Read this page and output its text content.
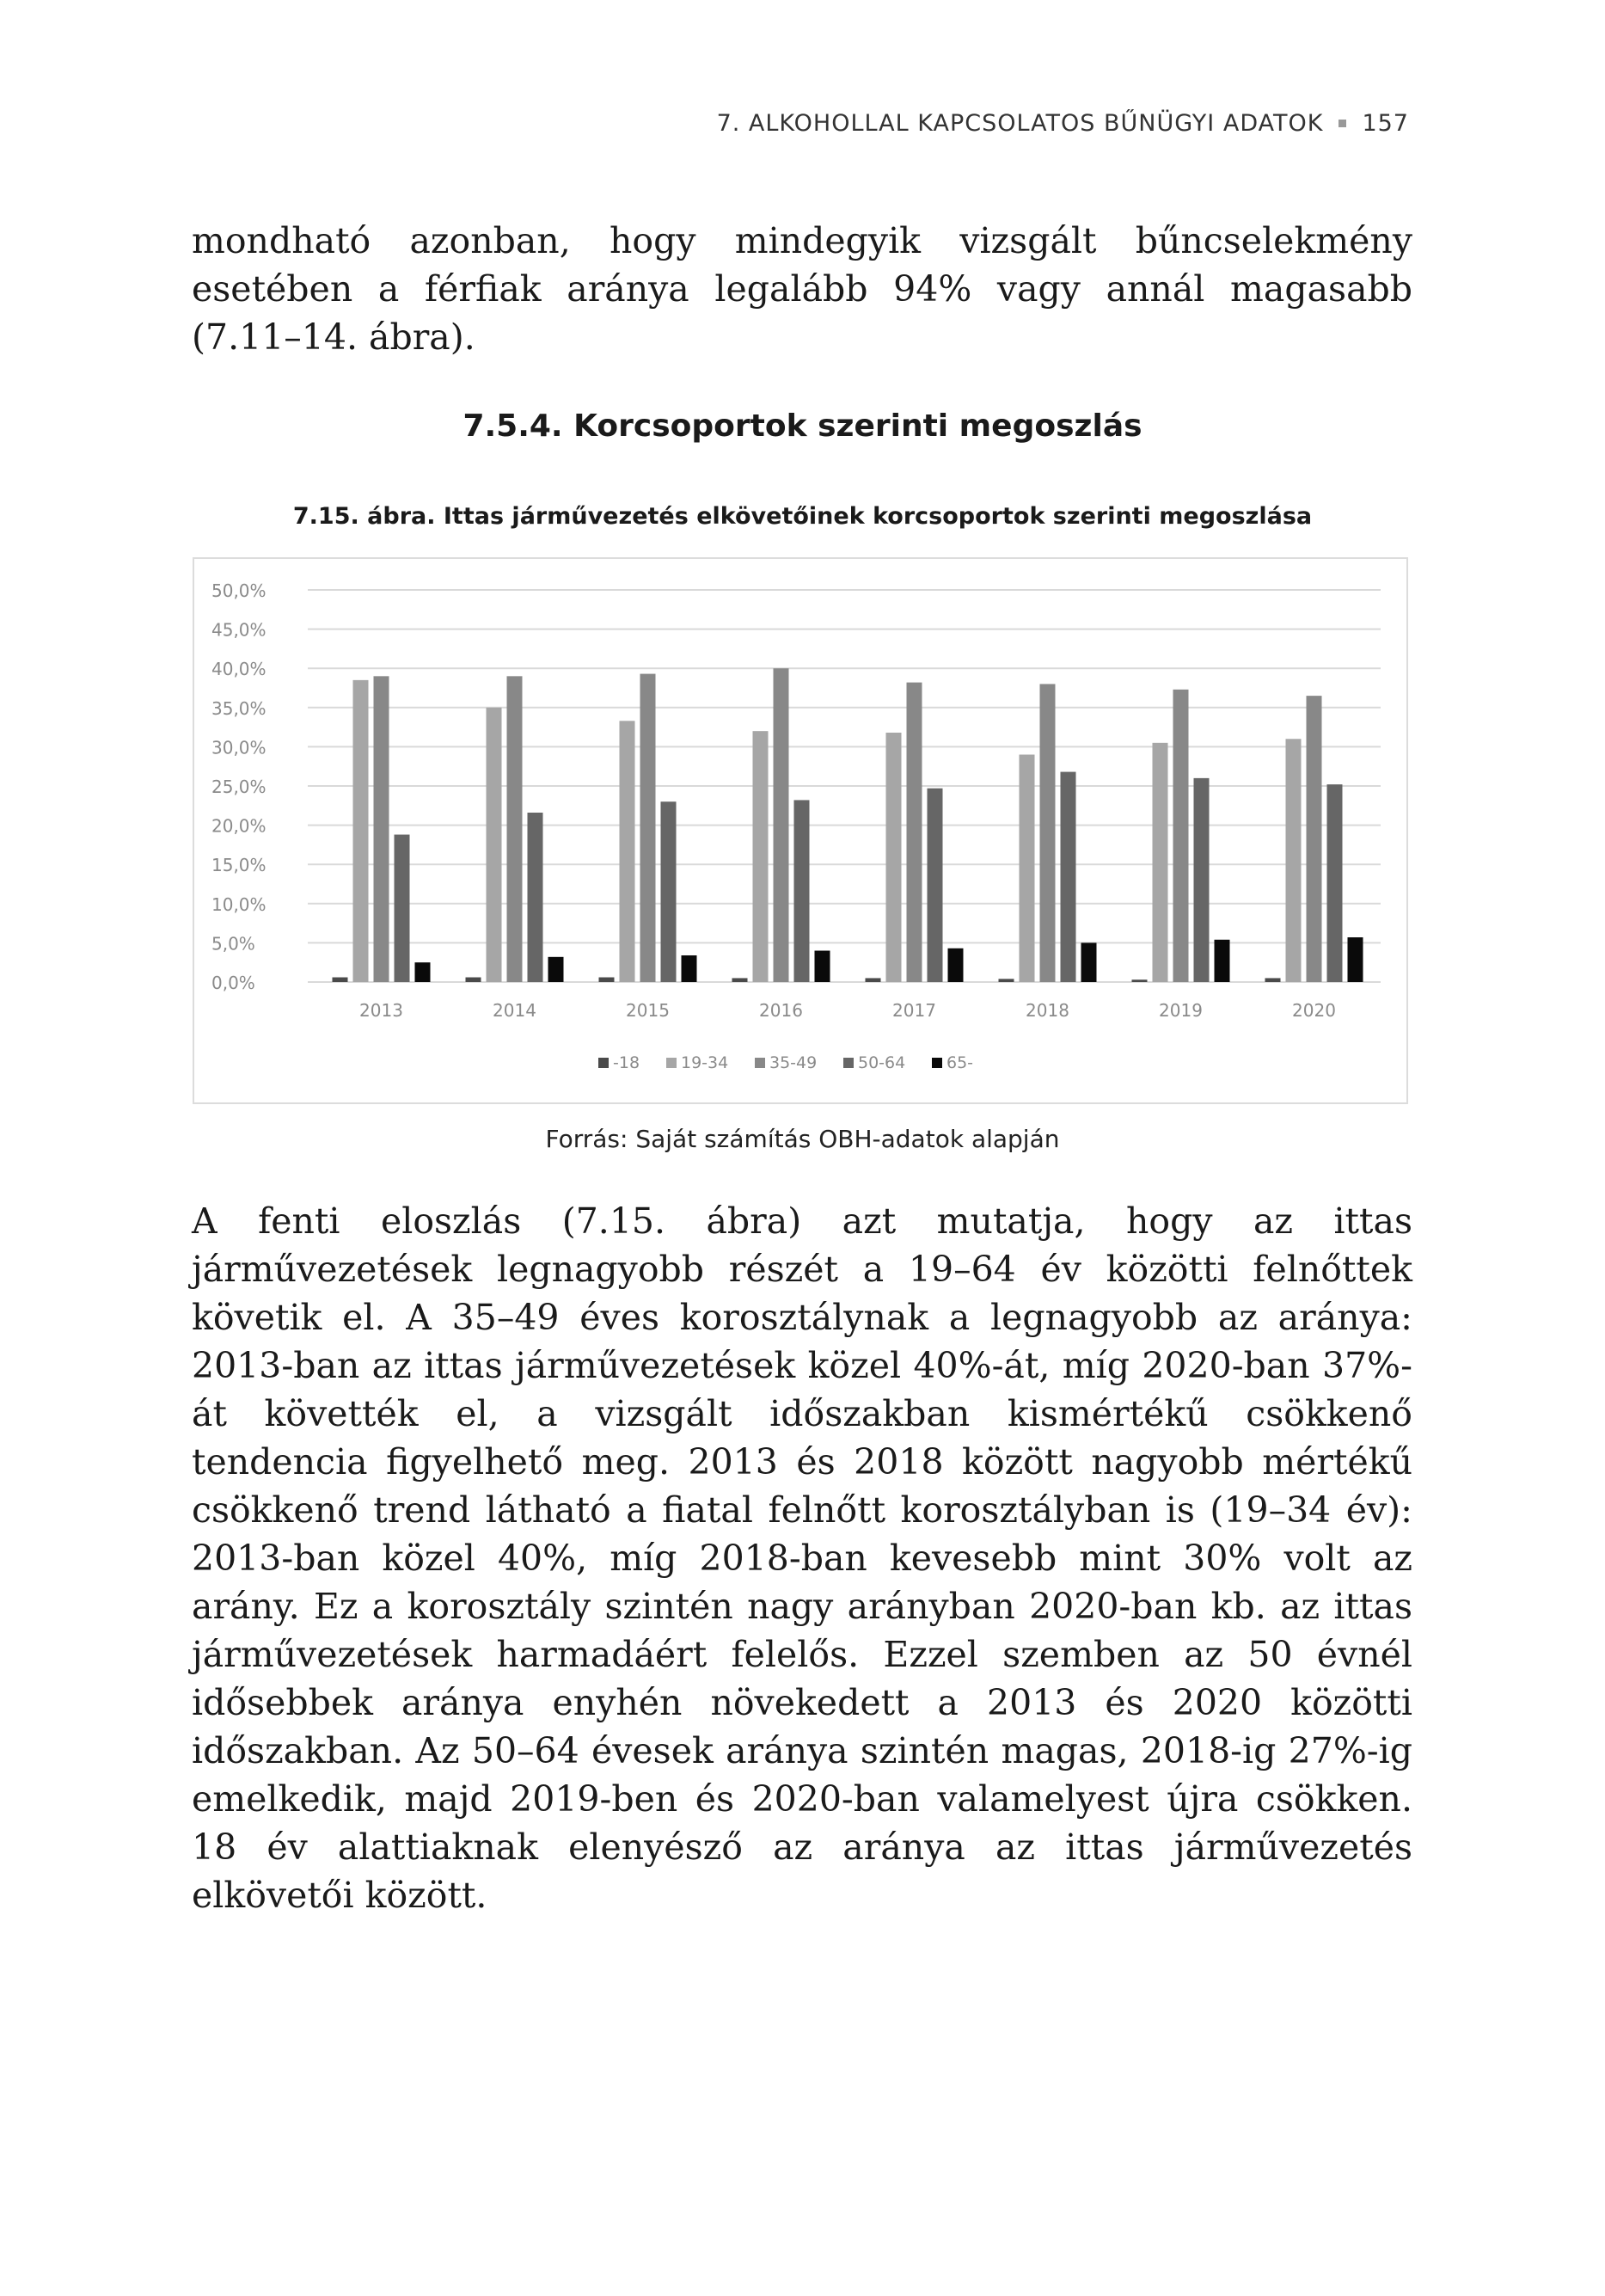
7. ALKOHOLLAL KAPCSOLATOS BŰNÜGYI ADATOK 157

mondható azonban, hogy mindegyik vizsgált bűncselekmény esetében a férfiak aránya legalább 94% vagy annál magasabb (7.11–14. ábra).

7.5.4. Korcsoportok szerinti megoszlás
7.15. ábra. Ittas járművezetés elkövetőinek korcsoportok szerinti megoszlása
0,0%
5,0%
10,0%
15,0%
20,0%
25,0%
30,0%
35,0%
40,0%
45,0%
50,0%
2013	2014	2015	2016	2017	2018	2019	2020
-18	19-34	35-49	50-64	65-
Forrás: Saját számítás OBH-adatok alapján

A fenti eloszlás (7.15. ábra) azt mutatja, hogy az ittas járművezetések legnagyobb részét a 19–64 év közötti felnőttek követik el. A 35–49 éves korosztálynak a legnagyobb az aránya: 2013-ban az ittas járművezetések közel 40%-át, míg 2020-ban 37%-át követték el, a vizsgált időszakban kismértékű csökkenő tendencia figyelhető meg. 2013 és 2018 között nagyobb mértékű csökkenő trend látható a fiatal felnőtt korosztályban is (19–34 év): 2013-ban közel 40%, míg 2018-ban kevesebb mint 30% volt az arány. Ez a korosztály szintén nagy arányban 2020-ban kb. az ittas járművezetések harmadáért felelős. Ezzel szemben az 50 évnél idősebbek aránya enyhén növekedett a 2013 és 2020 közötti időszakban. Az 50–64 évesek aránya szintén magas, 2018-ig 27%-ig emelkedik, majd 2019-ben és 2020-ban valamelyest újra csökken. 18 év alattiaknak elenyésző az aránya az ittas járművezetés elkövetői között.
